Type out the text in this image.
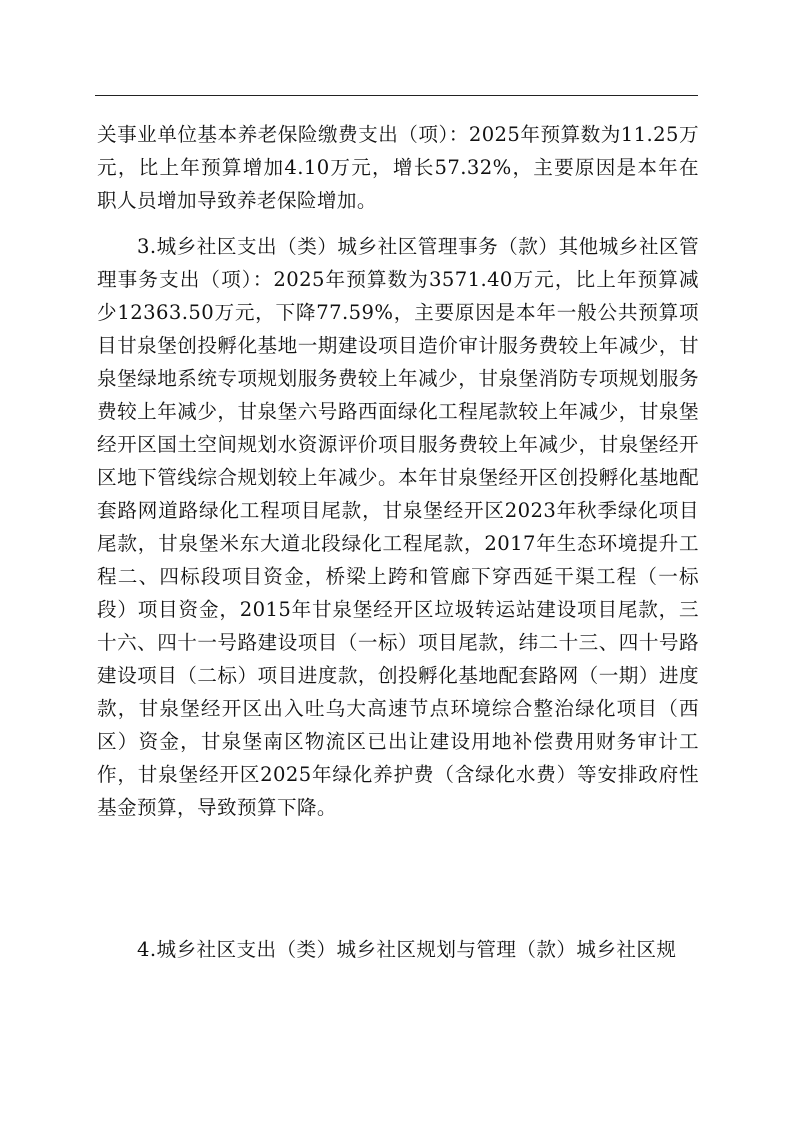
关事业单位基本养老保险缴费支出（项）：2025年预算数为11.25万元，比上年预算增加4.10万元，增长57.32%，主要原因是本年在职人员增加导致养老保险增加。

3.城乡社区支出（类）城乡社区管理事务（款）其他城乡社区管理事务支出（项）：2025年预算数为3571.40万元，比上年预算减少12363.50万元，下降77.59%，主要原因是本年一般公共预算项目甘泉堡创投孵化基地一期建设项目造价审计服务费较上年减少，甘泉堡绿地系统专项规划服务费较上年减少，甘泉堡消防专项规划服务费较上年减少，甘泉堡六号路西面绿化工程尾款较上年减少，甘泉堡经开区国土空间规划水资源评价项目服务费较上年减少，甘泉堡经开区地下管线综合规划较上年减少。本年甘泉堡经开区创投孵化基地配套路网道路绿化工程项目尾款，甘泉堡经开区2023年秋季绿化项目尾款，甘泉堡米东大道北段绿化工程尾款，2017年生态环境提升工程二、四标段项目资金，桥梁上跨和管廊下穿西延干渠工程（一标段）项目资金，2015年甘泉堡经开区垃圾转运站建设项目尾款，三十六、四十一号路建设项目（一标）项目尾款，纬二十三、四十号路建设项目（二标）项目进度款，创投孵化基地配套路网（一期）进度款，甘泉堡经开区出入吐乌大高速节点环境综合整治绿化项目（西区）资金，甘泉堡南区物流区已出让建设用地补偿费用财务审计工作，甘泉堡经开区2025年绿化养护费（含绿化水费）等安排政府性基金预算，导致预算下降。

4.城乡社区支出（类）城乡社区规划与管理（款）城乡社区规
